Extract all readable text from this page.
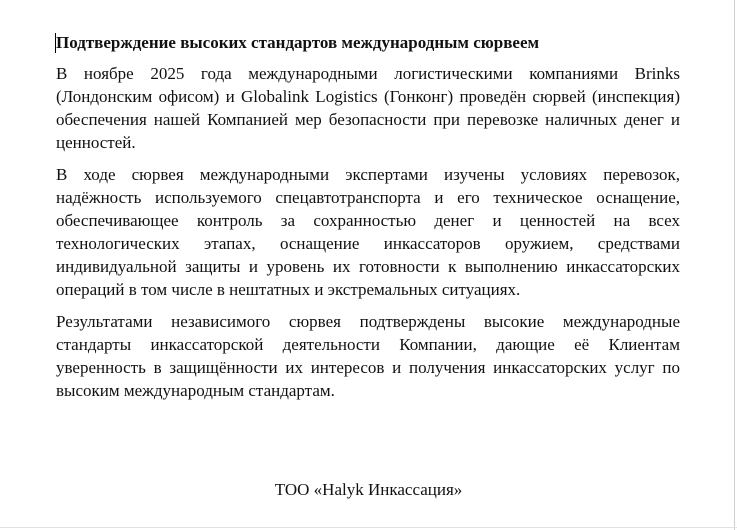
Подтверждение высоких стандартов международным сюрвеем

В ноябре 2025 года международными логистическими компаниями Brinks (Лондонским офисом) и Globalink Logistics (Гонконг) проведён сюрвей (инспекция) обеспечения нашей Компанией мер безопасности при перевозке наличных денег и ценностей.

В ходе сюрвея международными экспертами изучены условиях перевозок, надёжность используемого спецавтотранспорта и его техническое оснащение, обеспечивающее контроль за сохранностью денег и ценностей на всех технологических этапах, оснащение инкассаторов оружием, средствами индивидуальной защиты и уровень их готовности к выполнению инкассаторских операций в том числе в нештатных и экстремальных ситуациях.

Результатами независимого сюрвея подтверждены высокие международные стандарты инкассаторской деятельности Компании, дающие её Клиентам уверенность в защищённости их интересов и получения инкассаторских услуг по высоким международным стандартам.

ТОО «Halyk Инкассация»
